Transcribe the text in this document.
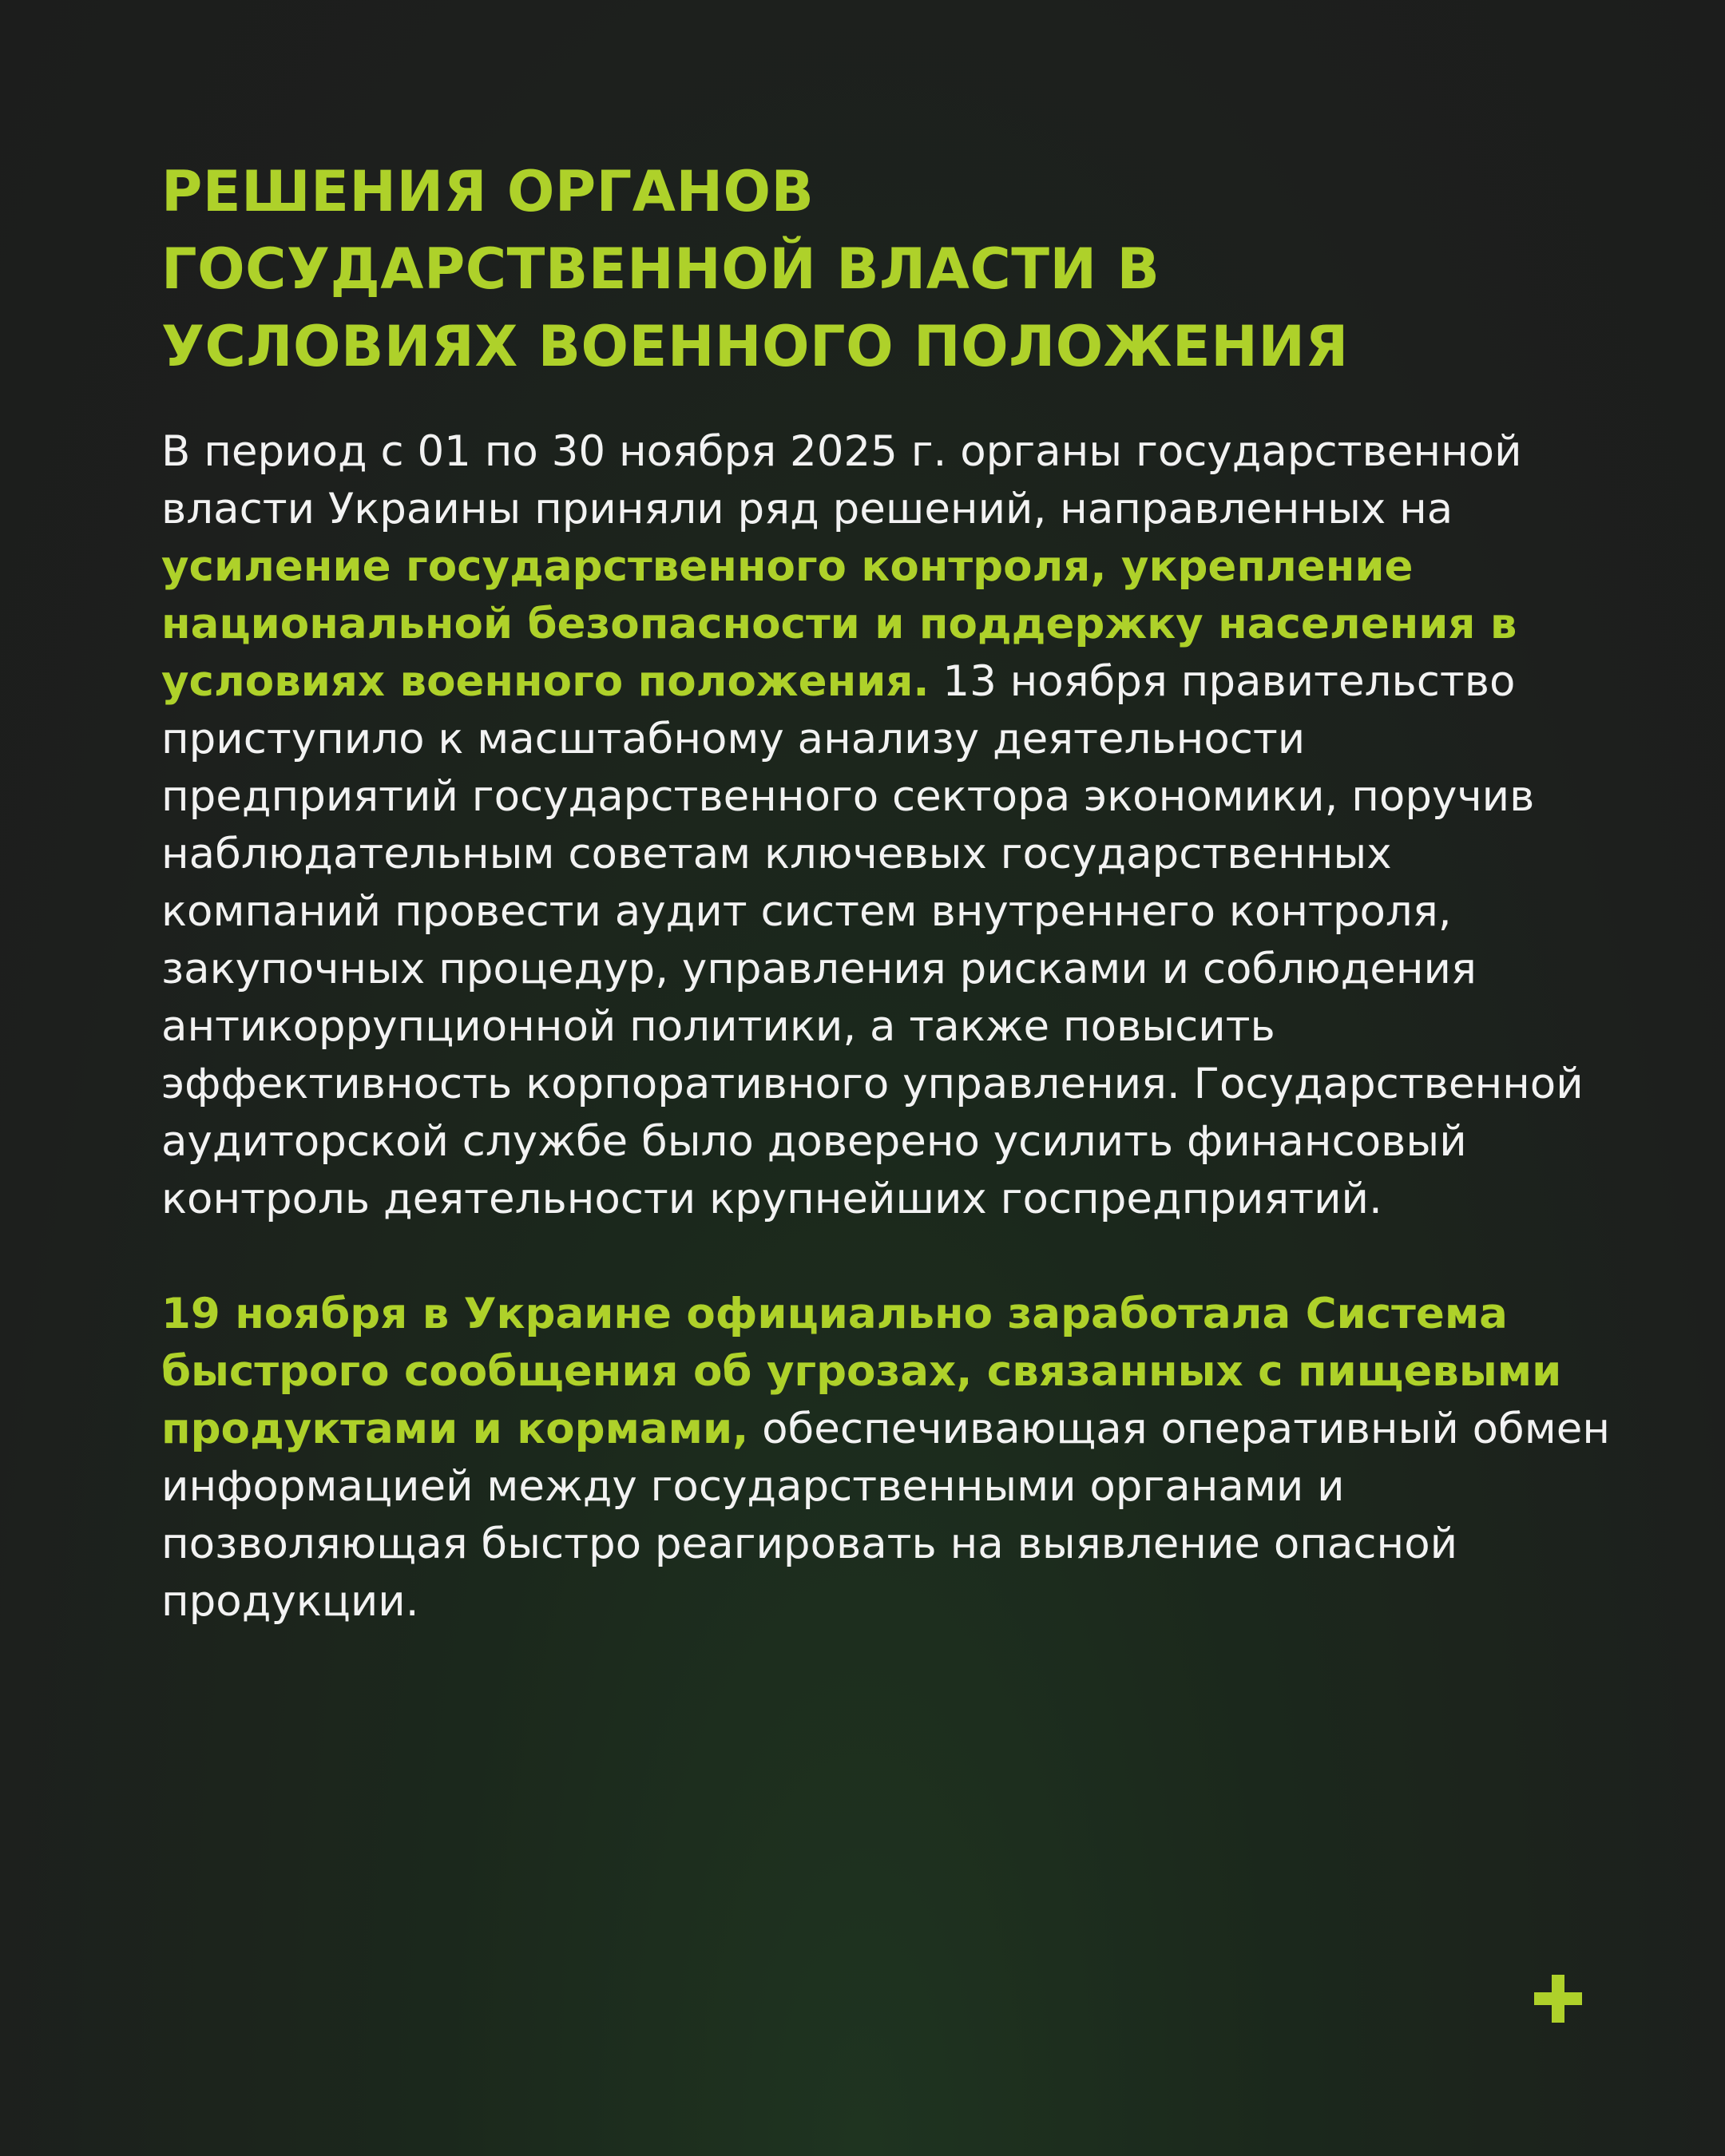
РЕШЕНИЯ ОРГАНОВ
ГОСУДАРСТВЕННОЙ ВЛАСТИ В
УСЛОВИЯХ ВОЕННОГО ПОЛОЖЕНИЯ

В период с 01 по 30 ноября 2025 г. органы государственной власти Украины приняли ряд решений, направленных на усиление государственного контроля, укрепление национальной безопасности и поддержку населения в условиях военного положения. 13 ноября правительство приступило к масштабному анализу деятельности предприятий государственного сектора экономики, поручив наблюдательным советам ключевых государственных компаний провести аудит систем внутреннего контроля, закупочных процедур, управления рисками и соблюдения антикоррупционной политики, а также повысить эффективность корпоративного управления. Государственной аудиторской службе было доверено усилить финансовый контроль деятельности крупнейших госпредприятий.

19 ноября в Украине официально заработала Система быстрого сообщения об угрозах, связанных с пищевыми продуктами и кормами, обеспечивающая оперативный обмен информацией между государственными органами и позволяющая быстро реагировать на выявление опасной продукции.
